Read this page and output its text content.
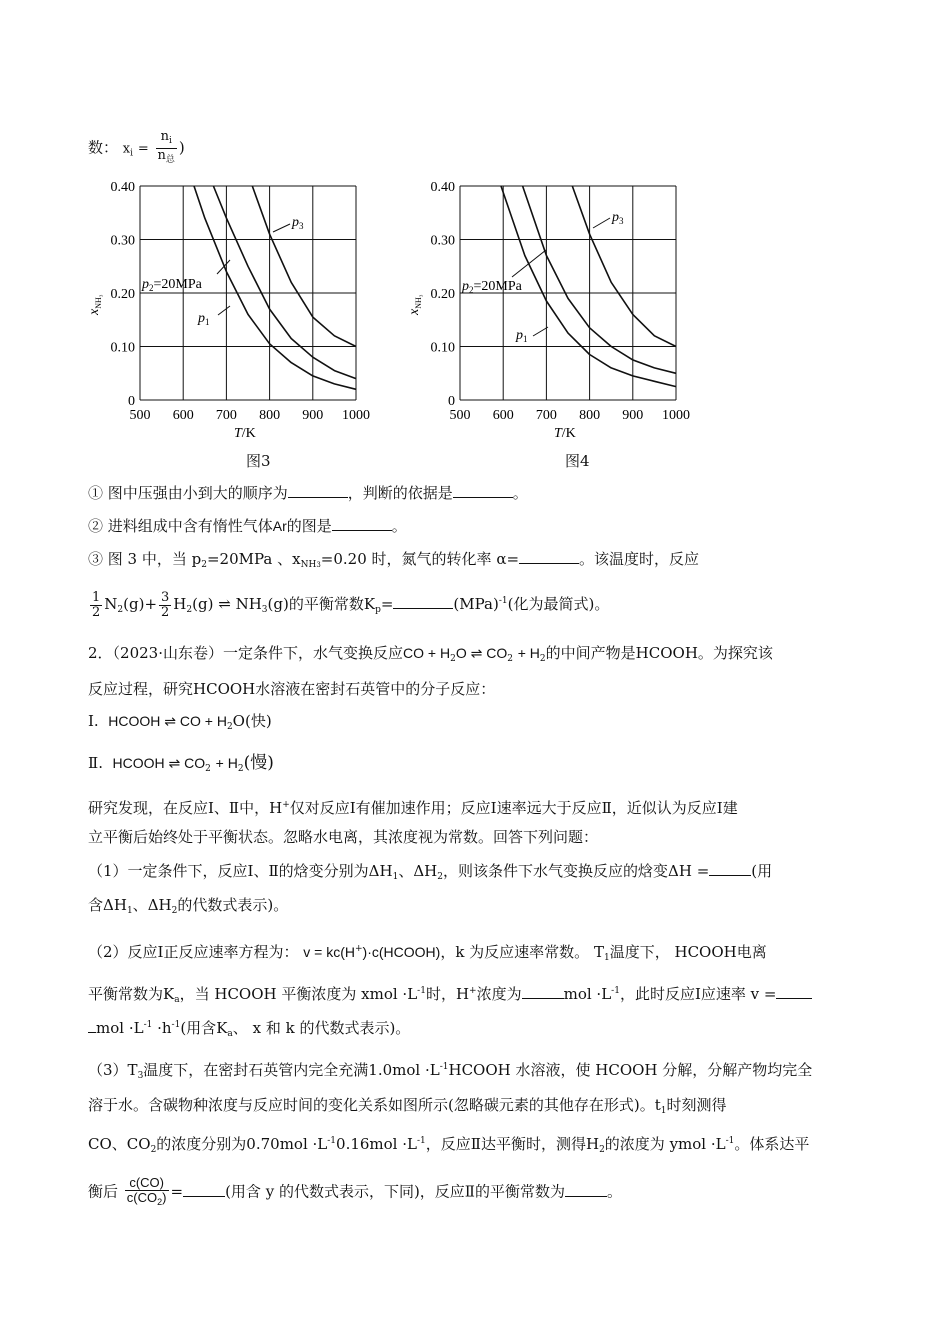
数： $x_i = \frac{n_i}{n_总}$ )
500 600 700 800 900 1000
0
0.10
0.20
0.30
0.40
T/K
$x_{NH_3}$
$p_1$
$p_2=20MPa$
$p_3$
500 600 700 800 900 1000
0
0.10
0.20
0.30
0.40
T/K
$x_{NH_3}$
$p_1$
$p_2=20MPa$
$p_3$
图3	图4
① 图中压强由小到大的顺序为	，判断的依据是	。
② 进料组成中含有惰性气体Ar的图是	。
③ 图 3 中，当 $p_2=20MPa$ 、$x_{NH3}=0.20$ 时，氮气的转化率 α=	。该温度时，反应
$\frac{1}{2} N_2(g)+ \frac{3}{2} H_2(g)$ ⇌ $NH_3(g)$的平衡常数$K_p=$	(MPa)$^{-1}$(化为最简式)。
2．（2023·山东卷）一定条件下，水气变换反应CO + $H_2O$ ⇌ $CO_2 + H_2$的中间产物是HCOOH。为探究该
反应过程，研究HCOOH水溶液在密封石英管中的分子反应：
Ⅰ. HCOOH ⇌ CO + $H_2O$(快)
Ⅱ. HCOOH ⇌ $CO_2 + H_2$(慢)
研究发现，在反应Ⅰ、Ⅱ中，H+仅对反应Ⅰ有催加速作用；反应Ⅰ速率远大于反应Ⅱ，近似认为反应Ⅰ建
立平衡后始终处于平衡状态。忽略水电离，其浓度视为常数。回答下列问题：
（1）一定条件下，反应Ⅰ、Ⅱ的焓变分别为$\Delta H_1$、$\Delta H_2$，则该条件下水气变换反应的焓变ΔH =	(用
含$\Delta H_1$、$\Delta H_2$的代数式表示)。
（2）反应Ⅰ正反应速率方程为： v = kc(H+)·c(HCOOH)，k 为反应速率常数。 $T_1$温度下， HCOOH电离
平衡常数为$K_a$，当 HCOOH 平衡浓度为 xmol $\cdot L^{-1}$时，H+浓度为	mol $\cdot L^{-1}$，此时反应Ⅰ应速率 v =
mol $\cdot L^{-1} \cdot h^{-1}$(用含$K_a$、 x 和 k 的代数式表示)。
$(3)T_3$温度下，在密封石英管内完全充满$1.0mol \cdot L^{-1}HCOOH$ 水溶液，使 HCOOH 分解，分解产物均完全
溶于水。含碳物种浓度与反应时间的变化关系如图所示(忽略碳元素的其他存在形式)。$t_1$时刻测得
CO、$CO_2$的浓度分别为$0.70mol \cdot L^{-1}0.16mol \cdot L^{-1}$，反应Ⅱ达平衡时，测得$H_2$的浓度为 ymol $\cdot L^{-1}$。体系达平
衡后 $\frac{c(CO)}{c(CO_2)}$ =	(用含 y 的代数式表示，下同)，反应Ⅱ的平衡常数为	。
